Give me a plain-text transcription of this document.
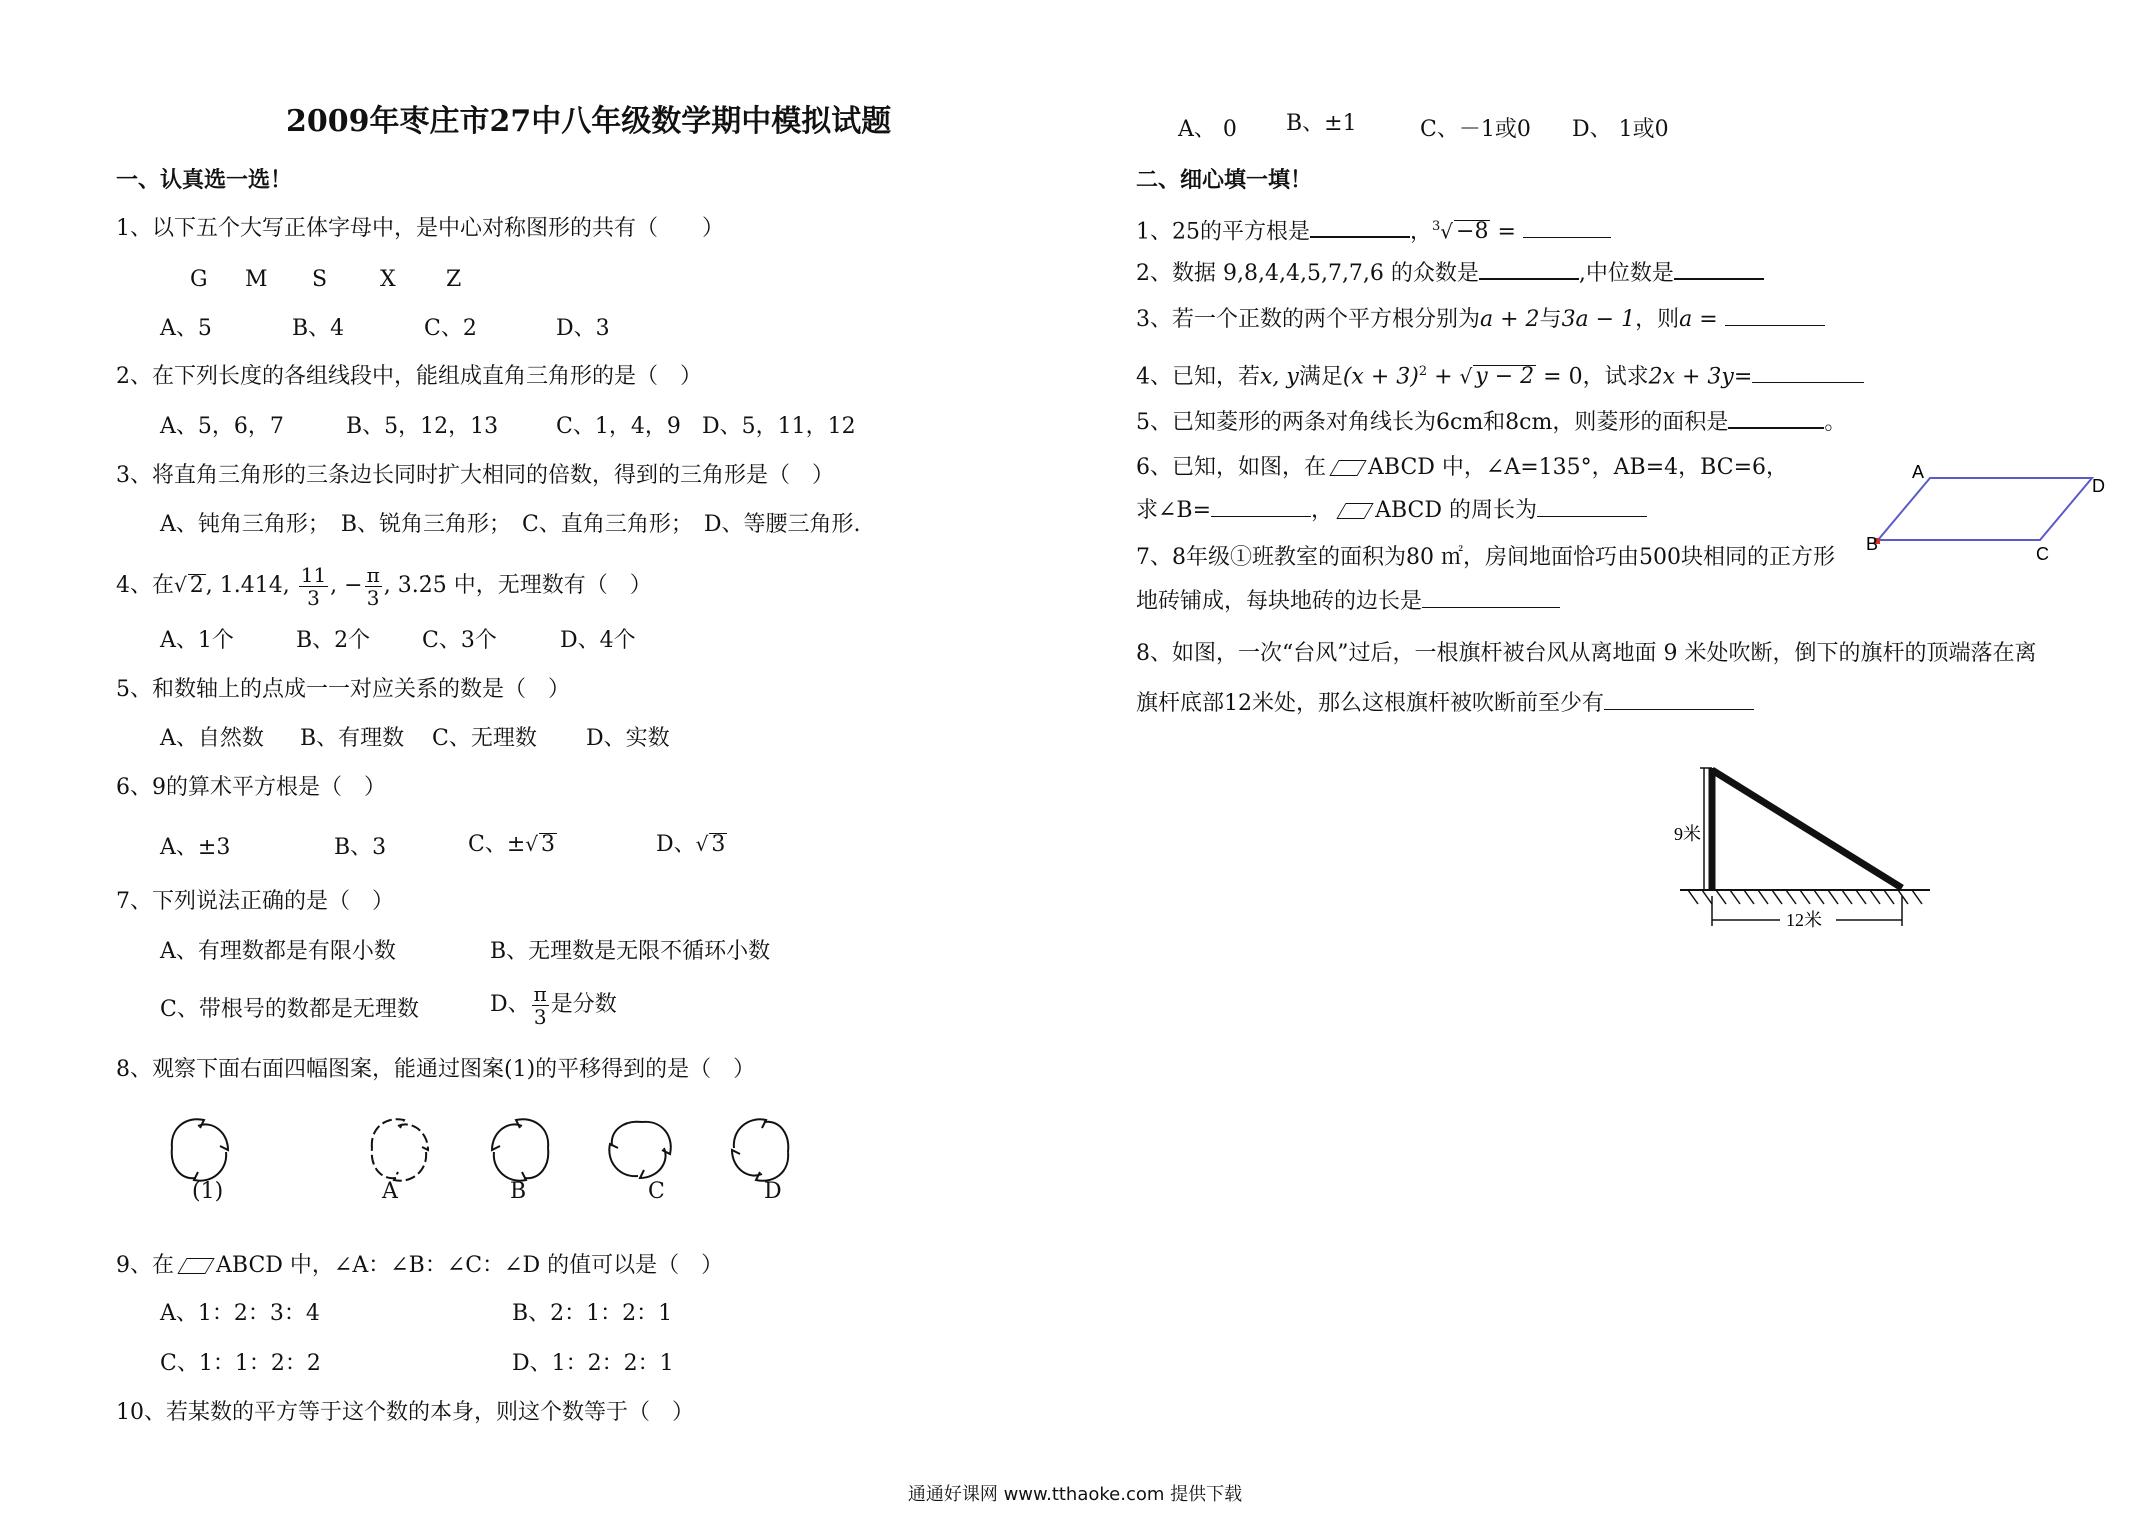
2009年枣庄市27中八年级数学期中模拟试题
一、认真选一选！
1、以下五个大写正体字母中，是中心对称图形的共有（　　）
G M S X Z
A、5	B、4	C、2	D、3
2、在下列长度的各组线段中，能组成直角三角形的是（　）
A、5，6，7	B、5，12，13	C、1，4，9 D、5，11，12
3、将直角三角形的三条边长同时扩大相同的倍数，得到的三角形是（　）
A、钝角三角形；　B、锐角三角形；　C、直角三角形；　D、等腰三角形.
4、在√ 2, 1.414, $\frac{11}{3}$ , − $\frac{\pi}{3}$ , 3.2̇5̇ 中，无理数有（　）
A、1个	B、2个 C、3个	D、4个
5、和数轴上的点成一一对应关系的数是（　）
A、自然数 B、有理数 C、无理数 D、实数
6、9的算术平方根是（　）
A、±3	B、3	C、±√ 3	D、√ 3
7、下列说法正确的是（　）
A、有理数都是有限小数	B、无理数是无限不循环小数
C、带根号的数都是无理数	D、 $\frac{\pi}{3}$ 是分数
8、观察下面右面四幅图案，能通过图案(1)的平移得到的是（　）
(1)	A	B	C	D
9、在 ABCD 中，∠A：∠B：∠C：∠D 的值可以是（　）
A、1：2：3：4	B、2：1：2：1
C、1：1：2：2	D、1：2：2：1
10、若某数的平方等于这个数的本身，则这个数等于（　）
A、 0 B、±1	C、－1或0 D、 1或0
二、细心填一填！
1、25的平方根是	，$^3$√ −8 =
2、数据 9,8,4,4,5,7,7,6 的众数是	,中位数是
3、若一个正数的两个平方根分别为a + 2与3a − 1，则a =
4、已知，若x, y满足$(x + 3)^2$ + √ y − 2 = 0，试求2x + 3y=
5、已知菱形的两条对角线长为6cm和8cm，则菱形的面积是	。
6、已知，如图，在 ABCD 中，∠A=135°，AB=4，BC=6，
求∠B=	， ABCD 的周长为
A
D
B	C
7、8年级①班教室的面积为80 ㎡，房间地面恰巧由500块相同的正方形
地砖铺成，每块地砖的边长是
8、如图，一次“台风”过后，一根旗杆被台风从离地面 9 米处吹断，倒下的旗杆的顶端落在离
旗杆底部12米处，那么这根旗杆被吹断前至少有
9米
12米
通通好课网 www.tthaoke.com 提供下载
